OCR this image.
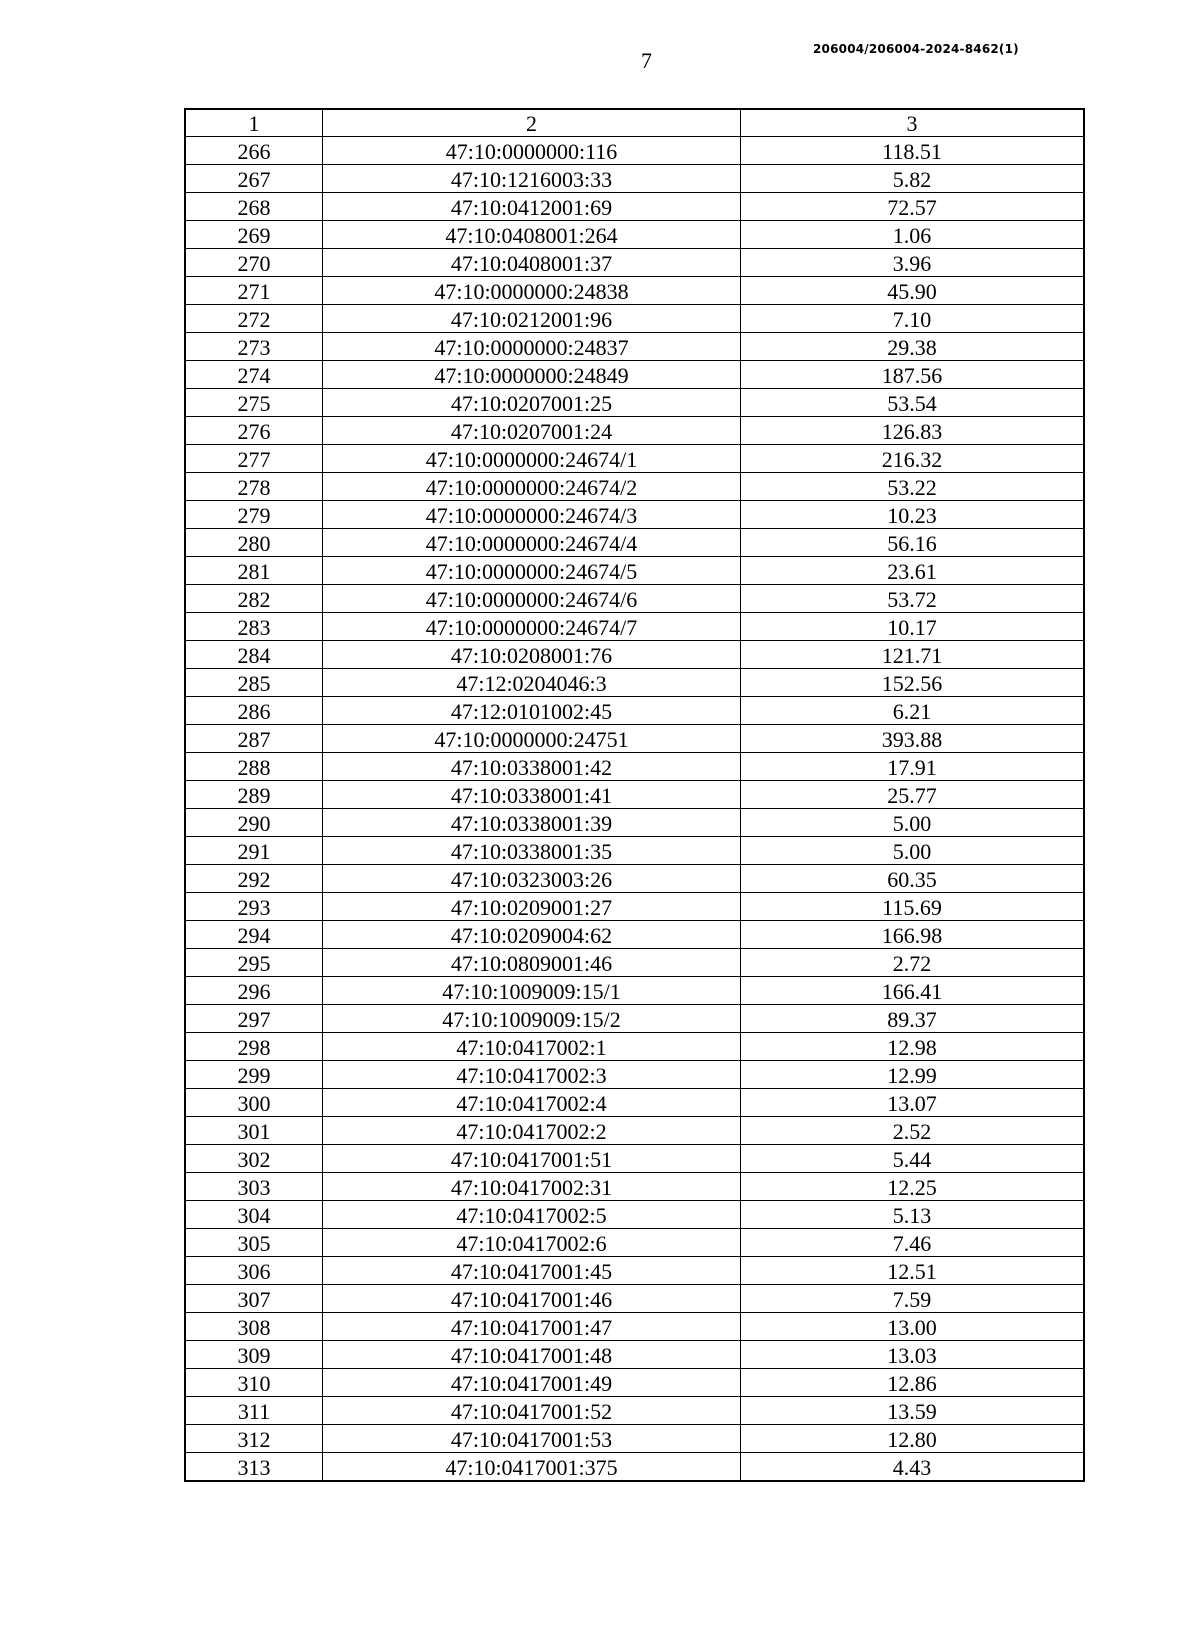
7	206004/206004-2024-8462(1)
1	2	3
266	47:10:0000000:116	118.51
267	47:10:1216003:33	5.82
268	47:10:0412001:69	72.57
269	47:10:0408001:264	1.06
270	47:10:0408001:37	3.96
271	47:10:0000000:24838	45.90
272	47:10:0212001:96	7.10
273	47:10:0000000:24837	29.38
274	47:10:0000000:24849	187.56
275	47:10:0207001:25	53.54
276	47:10:0207001:24	126.83
277	47:10:0000000:24674/1	216.32
278	47:10:0000000:24674/2	53.22
279	47:10:0000000:24674/3	10.23
280	47:10:0000000:24674/4	56.16
281	47:10:0000000:24674/5	23.61
282	47:10:0000000:24674/6	53.72
283	47:10:0000000:24674/7	10.17
284	47:10:0208001:76	121.71
285	47:12:0204046:3	152.56
286	47:12:0101002:45	6.21
287	47:10:0000000:24751	393.88
288	47:10:0338001:42	17.91
289	47:10:0338001:41	25.77
290	47:10:0338001:39	5.00
291	47:10:0338001:35	5.00
292	47:10:0323003:26	60.35
293	47:10:0209001:27	115.69
294	47:10:0209004:62	166.98
295	47:10:0809001:46	2.72
296	47:10:1009009:15/1	166.41
297	47:10:1009009:15/2	89.37
298	47:10:0417002:1	12.98
299	47:10:0417002:3	12.99
300	47:10:0417002:4	13.07
301	47:10:0417002:2	2.52
302	47:10:0417001:51	5.44
303	47:10:0417002:31	12.25
304	47:10:0417002:5	5.13
305	47:10:0417002:6	7.46
306	47:10:0417001:45	12.51
307	47:10:0417001:46	7.59
308	47:10:0417001:47	13.00
309	47:10:0417001:48	13.03
310	47:10:0417001:49	12.86
311	47:10:0417001:52	13.59
312	47:10:0417001:53	12.80
313	47:10:0417001:375	4.43
